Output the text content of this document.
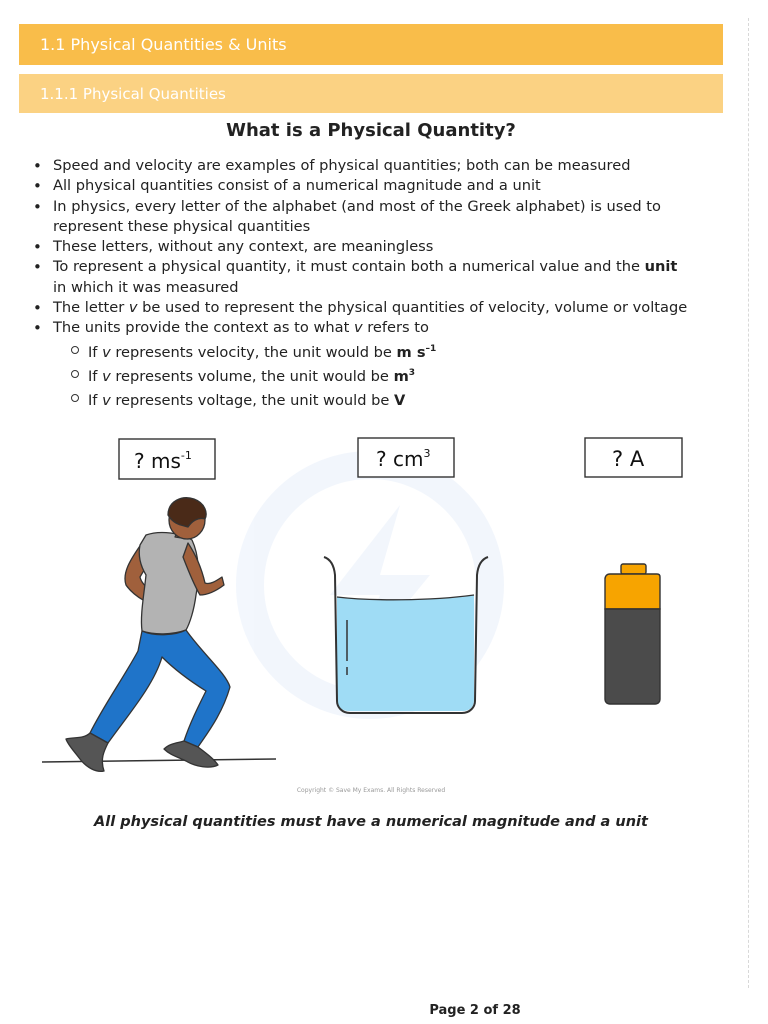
1.1 Physical Quantities & Units
1.1.1 Physical Quantities
What is a Physical Quantity?
• Speed and velocity are examples of physical quantities; both can be measured
• All physical quantities consist of a numerical magnitude and a unit
• In physics, every letter of the alphabet (and most of the Greek alphabet) is used to represent these physical quantities
• These letters, without any context, are meaningless
• To represent a physical quantity, it must contain both a numerical value and the unit
in which it was measured
• The letter v be used to represent the physical quantities of velocity, volume or voltage
• The units provide the context as to what v refers to
If v represents velocity, the unit would be m $s^{-1}$
If v represents volume, the unit would be $m^3$
If v represents voltage, the unit would be V
? $ms^{-1}$	? $cm^3$	? A
Copyright © Save My Exams. All Rights Reserved
All physical quantities must have a numerical magnitude and a unit
Page 2 of 28
